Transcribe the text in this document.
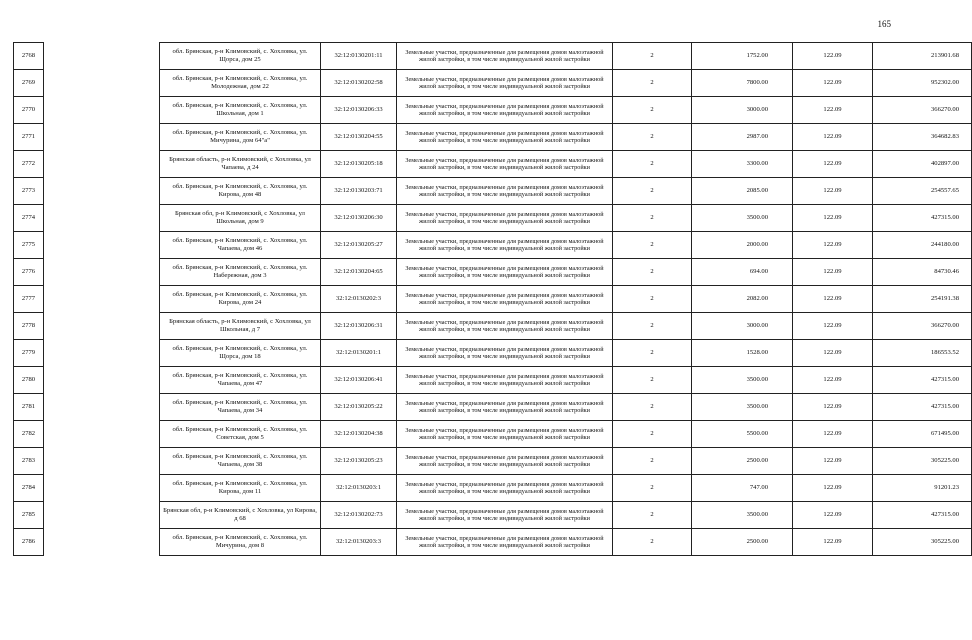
165
2768		обл. Брянская, р-н Климовский, с. Хохловка, ул. Щорса, дом 25	32:12:0130201:11	Земельные участки, предназначенные для размещения домов малоэтажной жилой застройки, в том числе индивидуальной жилой застройки	2	1752.00	122.09	213901.68
2769		обл. Брянская, р-н Климовский, с. Хохловка, ул. Молодежная, дом 22	32:12:0130202:58	Земельные участки, предназначенные для размещения домов малоэтажной жилой застройки, в том числе индивидуальной жилой застройки	2	7800.00	122.09	952302.00
2770		обл. Брянская, р-н Климовский, с. Хохловка, ул. Школьная, дом 1	32:12:0130206:33	Земельные участки, предназначенные для размещения домов малоэтажной жилой застройки, в том числе индивидуальной жилой застройки	2	3000.00	122.09	366270.00
2771		обл. Брянская, р-н Климовский, с. Хохловка, ул. Мичурина, дом 64"а"	32:12:0130204:55	Земельные участки, предназначенные для размещения домов малоэтажной жилой застройки, в том числе индивидуальной жилой застройки	2	2987.00	122.09	364682.83
2772		Брянская область, р-н Климовский, с Хохловка, ул Чапаева, д 24	32:12:0130205:18	Земельные участки, предназначенные для размещения домов малоэтажной жилой застройки, в том числе индивидуальной жилой застройки	2	3300.00	122.09	402897.00
2773		обл. Брянская, р-н Климовский, с. Хохловка, ул. Кирова, дом 48	32:12:0130203:71	Земельные участки, предназначенные для размещения домов малоэтажной жилой застройки, в том числе индивидуальной жилой застройки	2	2085.00	122.09	254557.65
2774		Брянская обл, р-н Климовский, с Хохловка, ул Школьная, дом 9	32:12:0130206:30	Земельные участки, предназначенные для размещения домов малоэтажной жилой застройки, в том числе индивидуальной жилой застройки	2	3500.00	122.09	427315.00
2775		обл. Брянская, р-н Климовский, с. Хохловка, ул. Чапаева, дом 46	32:12:0130205:27	Земельные участки, предназначенные для размещения домов малоэтажной жилой застройки, в том числе индивидуальной жилой застройки	2	2000.00	122.09	244180.00
2776		обл. Брянская, р-н Климовский, с. Хохловка, ул. Набережная, дом 3	32:12:0130204:65	Земельные участки, предназначенные для размещения домов малоэтажной жилой застройки, в том числе индивидуальной жилой застройки	2	694.00	122.09	84730.46
2777		обл. Брянская, р-н Климовский, с. Хохловка, ул. Кирова, дом 24	32:12:0130202:3	Земельные участки, предназначенные для размещения домов малоэтажной жилой застройки, в том числе индивидуальной жилой застройки	2	2082.00	122.09	254191.38
2778		Брянская область, р-н Климовский, с Хохловка, ул Школьная, д 7	32:12:0130206:31	Земельные участки, предназначенные для размещения домов малоэтажной жилой застройки, в том числе индивидуальной жилой застройки	2	3000.00	122.09	366270.00
2779		обл. Брянская, р-н Климовский, с. Хохловка, ул. Щорса, дом 18	32:12:0130201:1	Земельные участки, предназначенные для размещения домов малоэтажной жилой застройки, в том числе индивидуальной жилой застройки	2	1528.00	122.09	186553.52
2780		обл. Брянская, р-н Климовский, с. Хохловка, ул. Чапаева, дом 47	32:12:0130206:41	Земельные участки, предназначенные для размещения домов малоэтажной жилой застройки, в том числе индивидуальной жилой застройки	2	3500.00	122.09	427315.00
2781		обл. Брянская, р-н Климовский, с. Хохловка, ул. Чапаева, дом 34	32:12:0130205:22	Земельные участки, предназначенные для размещения домов малоэтажной жилой застройки, в том числе индивидуальной жилой застройки	2	3500.00	122.09	427315.00
2782		обл. Брянская, р-н Климовский, с. Хохловка, ул. Советская, дом 5	32:12:0130204:38	Земельные участки, предназначенные для размещения домов малоэтажной жилой застройки, в том числе индивидуальной жилой застройки	2	5500.00	122.09	671495.00
2783		обл. Брянская, р-н Климовский, с. Хохловка, ул. Чапаева, дом 38	32:12:0130205:23	Земельные участки, предназначенные для размещения домов малоэтажной жилой застройки, в том числе индивидуальной жилой застройки	2	2500.00	122.09	305225.00
2784		обл. Брянская, р-н Климовский, с. Хохловка, ул. Кирова, дом 11	32:12:0130203:1	Земельные участки, предназначенные для размещения домов малоэтажной жилой застройки, в том числе индивидуальной жилой застройки	2	747.00	122.09	91201.23
2785		Брянская обл, р-н Климовский, с Хохловка, ул Кирова, д 68	32:12:0130202:73	Земельные участки, предназначенные для размещения домов малоэтажной жилой застройки, в том числе индивидуальной жилой застройки	2	3500.00	122.09	427315.00
2786		обл. Брянская, р-н Климовский, с. Хохловка, ул. Мичурина, дом 8	32:12:0130203:3	Земельные участки, предназначенные для размещения домов малоэтажной жилой застройки, в том числе индивидуальной жилой застройки	2	2500.00	122.09	305225.00
